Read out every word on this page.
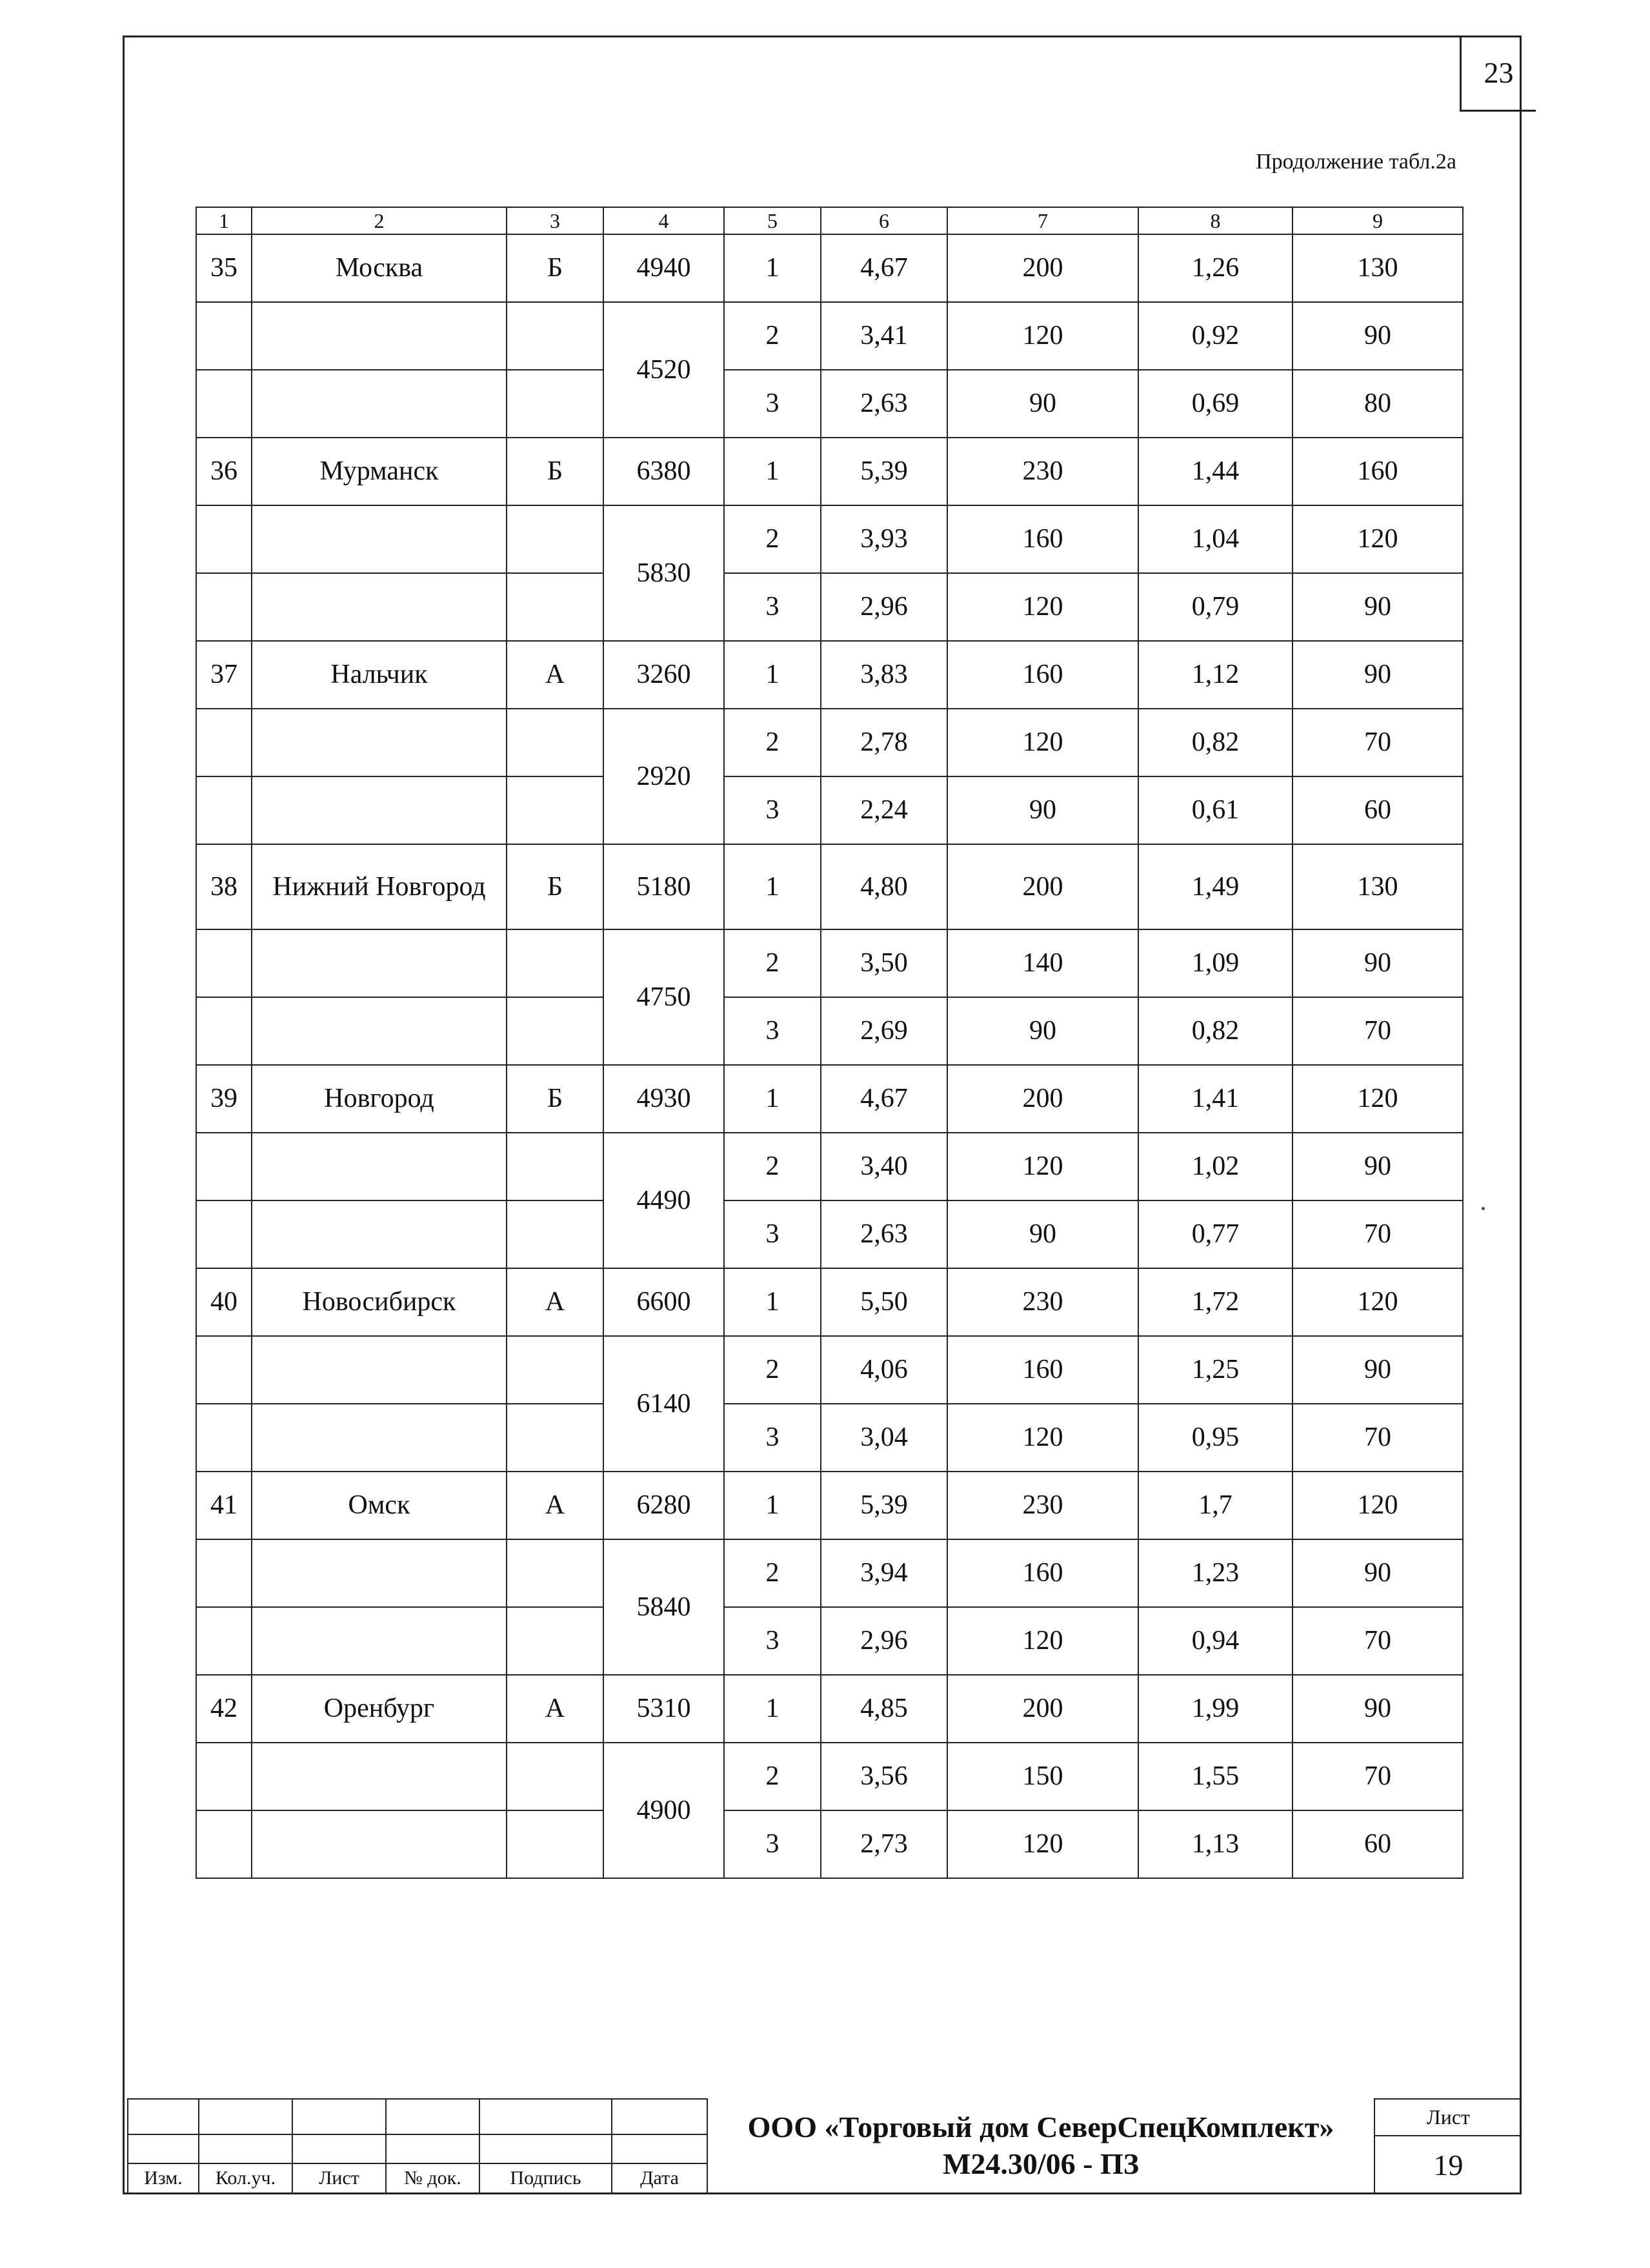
23
Продолжение табл.2а
1	2	3	4	5	6	7	8	9
35	Москва	Б	4940	1	4,67	200	1,26	130
			4520	2	3,41	120	0,92	90
				3	2,63	90	0,69	80
36	Мурманск	Б	6380	1	5,39	230	1,44	160
			5830	2	3,93	160	1,04	120
				3	2,96	120	0,79	90
37	Нальчик	А	3260	1	3,83	160	1,12	90
			2920	2	2,78	120	0,82	70
				3	2,24	90	0,61	60
38	Нижний Новгород	Б	5180	1	4,80	200	1,49	130
			4750	2	3,50	140	1,09	90
				3	2,69	90	0,82	70
39	Новгород	Б	4930	1	4,67	200	1,41	120
			4490	2	3,40	120	1,02	90
				3	2,63	90	0,77	70
40	Новосибирск	А	6600	1	5,50	230	1,72	120
			6140	2	4,06	160	1,25	90
				3	3,04	120	0,95	70
41	Омск	А	6280	1	5,39	230	1,7	120
			5840	2	3,94	160	1,23	90
				3	2,96	120	0,94	70
42	Оренбург	А	5310	1	4,85	200	1,99	90
			4900	2	3,56	150	1,55	70
				3	2,73	120	1,13	60

Изм.	Кол.уч.	Лист	№ док.	Подпись	Дата
ООО «Торговый дом СеверСпецКомплект»
М24.30/06 - ПЗ
Лист
19
